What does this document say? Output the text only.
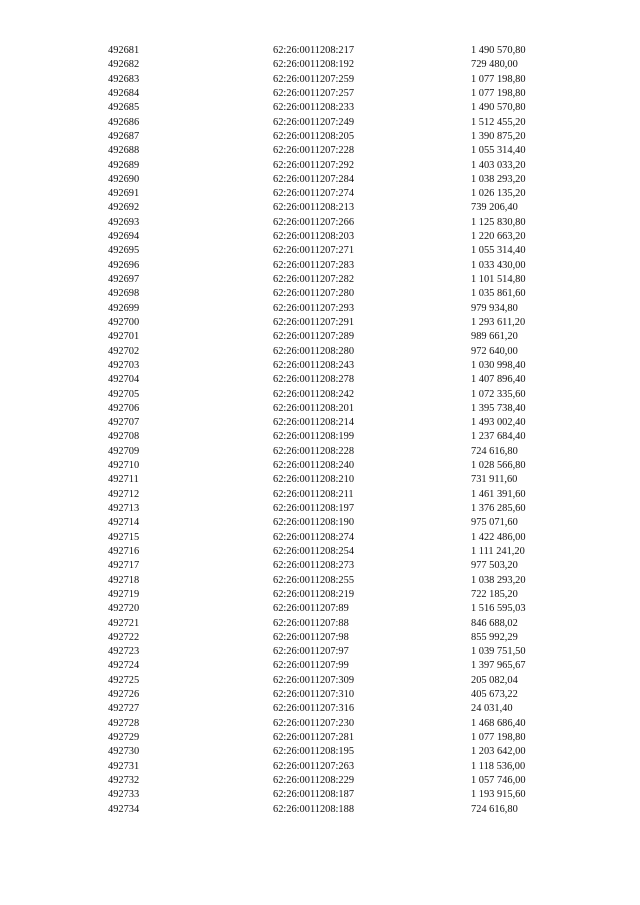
492681	62:26:0011208:217	1 490 570,80
492682	62:26:0011208:192	729 480,00
492683	62:26:0011207:259	1 077 198,80
492684	62:26:0011207:257	1 077 198,80
492685	62:26:0011208:233	1 490 570,80
492686	62:26:0011207:249	1 512 455,20
492687	62:26:0011208:205	1 390 875,20
492688	62:26:0011207:228	1 055 314,40
492689	62:26:0011207:292	1 403 033,20
492690	62:26:0011207:284	1 038 293,20
492691	62:26:0011207:274	1 026 135,20
492692	62:26:0011208:213	739 206,40
492693	62:26:0011207:266	1 125 830,80
492694	62:26:0011208:203	1 220 663,20
492695	62:26:0011207:271	1 055 314,40
492696	62:26:0011207:283	1 033 430,00
492697	62:26:0011207:282	1 101 514,80
492698	62:26:0011207:280	1 035 861,60
492699	62:26:0011207:293	979 934,80
492700	62:26:0011207:291	1 293 611,20
492701	62:26:0011207:289	989 661,20
492702	62:26:0011208:280	972 640,00
492703	62:26:0011208:243	1 030 998,40
492704	62:26:0011208:278	1 407 896,40
492705	62:26:0011208:242	1 072 335,60
492706	62:26:0011208:201	1 395 738,40
492707	62:26:0011208:214	1 493 002,40
492708	62:26:0011208:199	1 237 684,40
492709	62:26:0011208:228	724 616,80
492710	62:26:0011208:240	1 028 566,80
492711	62:26:0011208:210	731 911,60
492712	62:26:0011208:211	1 461 391,60
492713	62:26:0011208:197	1 376 285,60
492714	62:26:0011208:190	975 071,60
492715	62:26:0011208:274	1 422 486,00
492716	62:26:0011208:254	1 111 241,20
492717	62:26:0011208:273	977 503,20
492718	62:26:0011208:255	1 038 293,20
492719	62:26:0011208:219	722 185,20
492720	62:26:0011207:89	1 516 595,03
492721	62:26:0011207:88	846 688,02
492722	62:26:0011207:98	855 992,29
492723	62:26:0011207:97	1 039 751,50
492724	62:26:0011207:99	1 397 965,67
492725	62:26:0011207:309	205 082,04
492726	62:26:0011207:310	405 673,22
492727	62:26:0011207:316	24 031,40
492728	62:26:0011207:230	1 468 686,40
492729	62:26:0011207:281	1 077 198,80
492730	62:26:0011208:195	1 203 642,00
492731	62:26:0011207:263	1 118 536,00
492732	62:26:0011208:229	1 057 746,00
492733	62:26:0011208:187	1 193 915,60
492734	62:26:0011208:188	724 616,80
